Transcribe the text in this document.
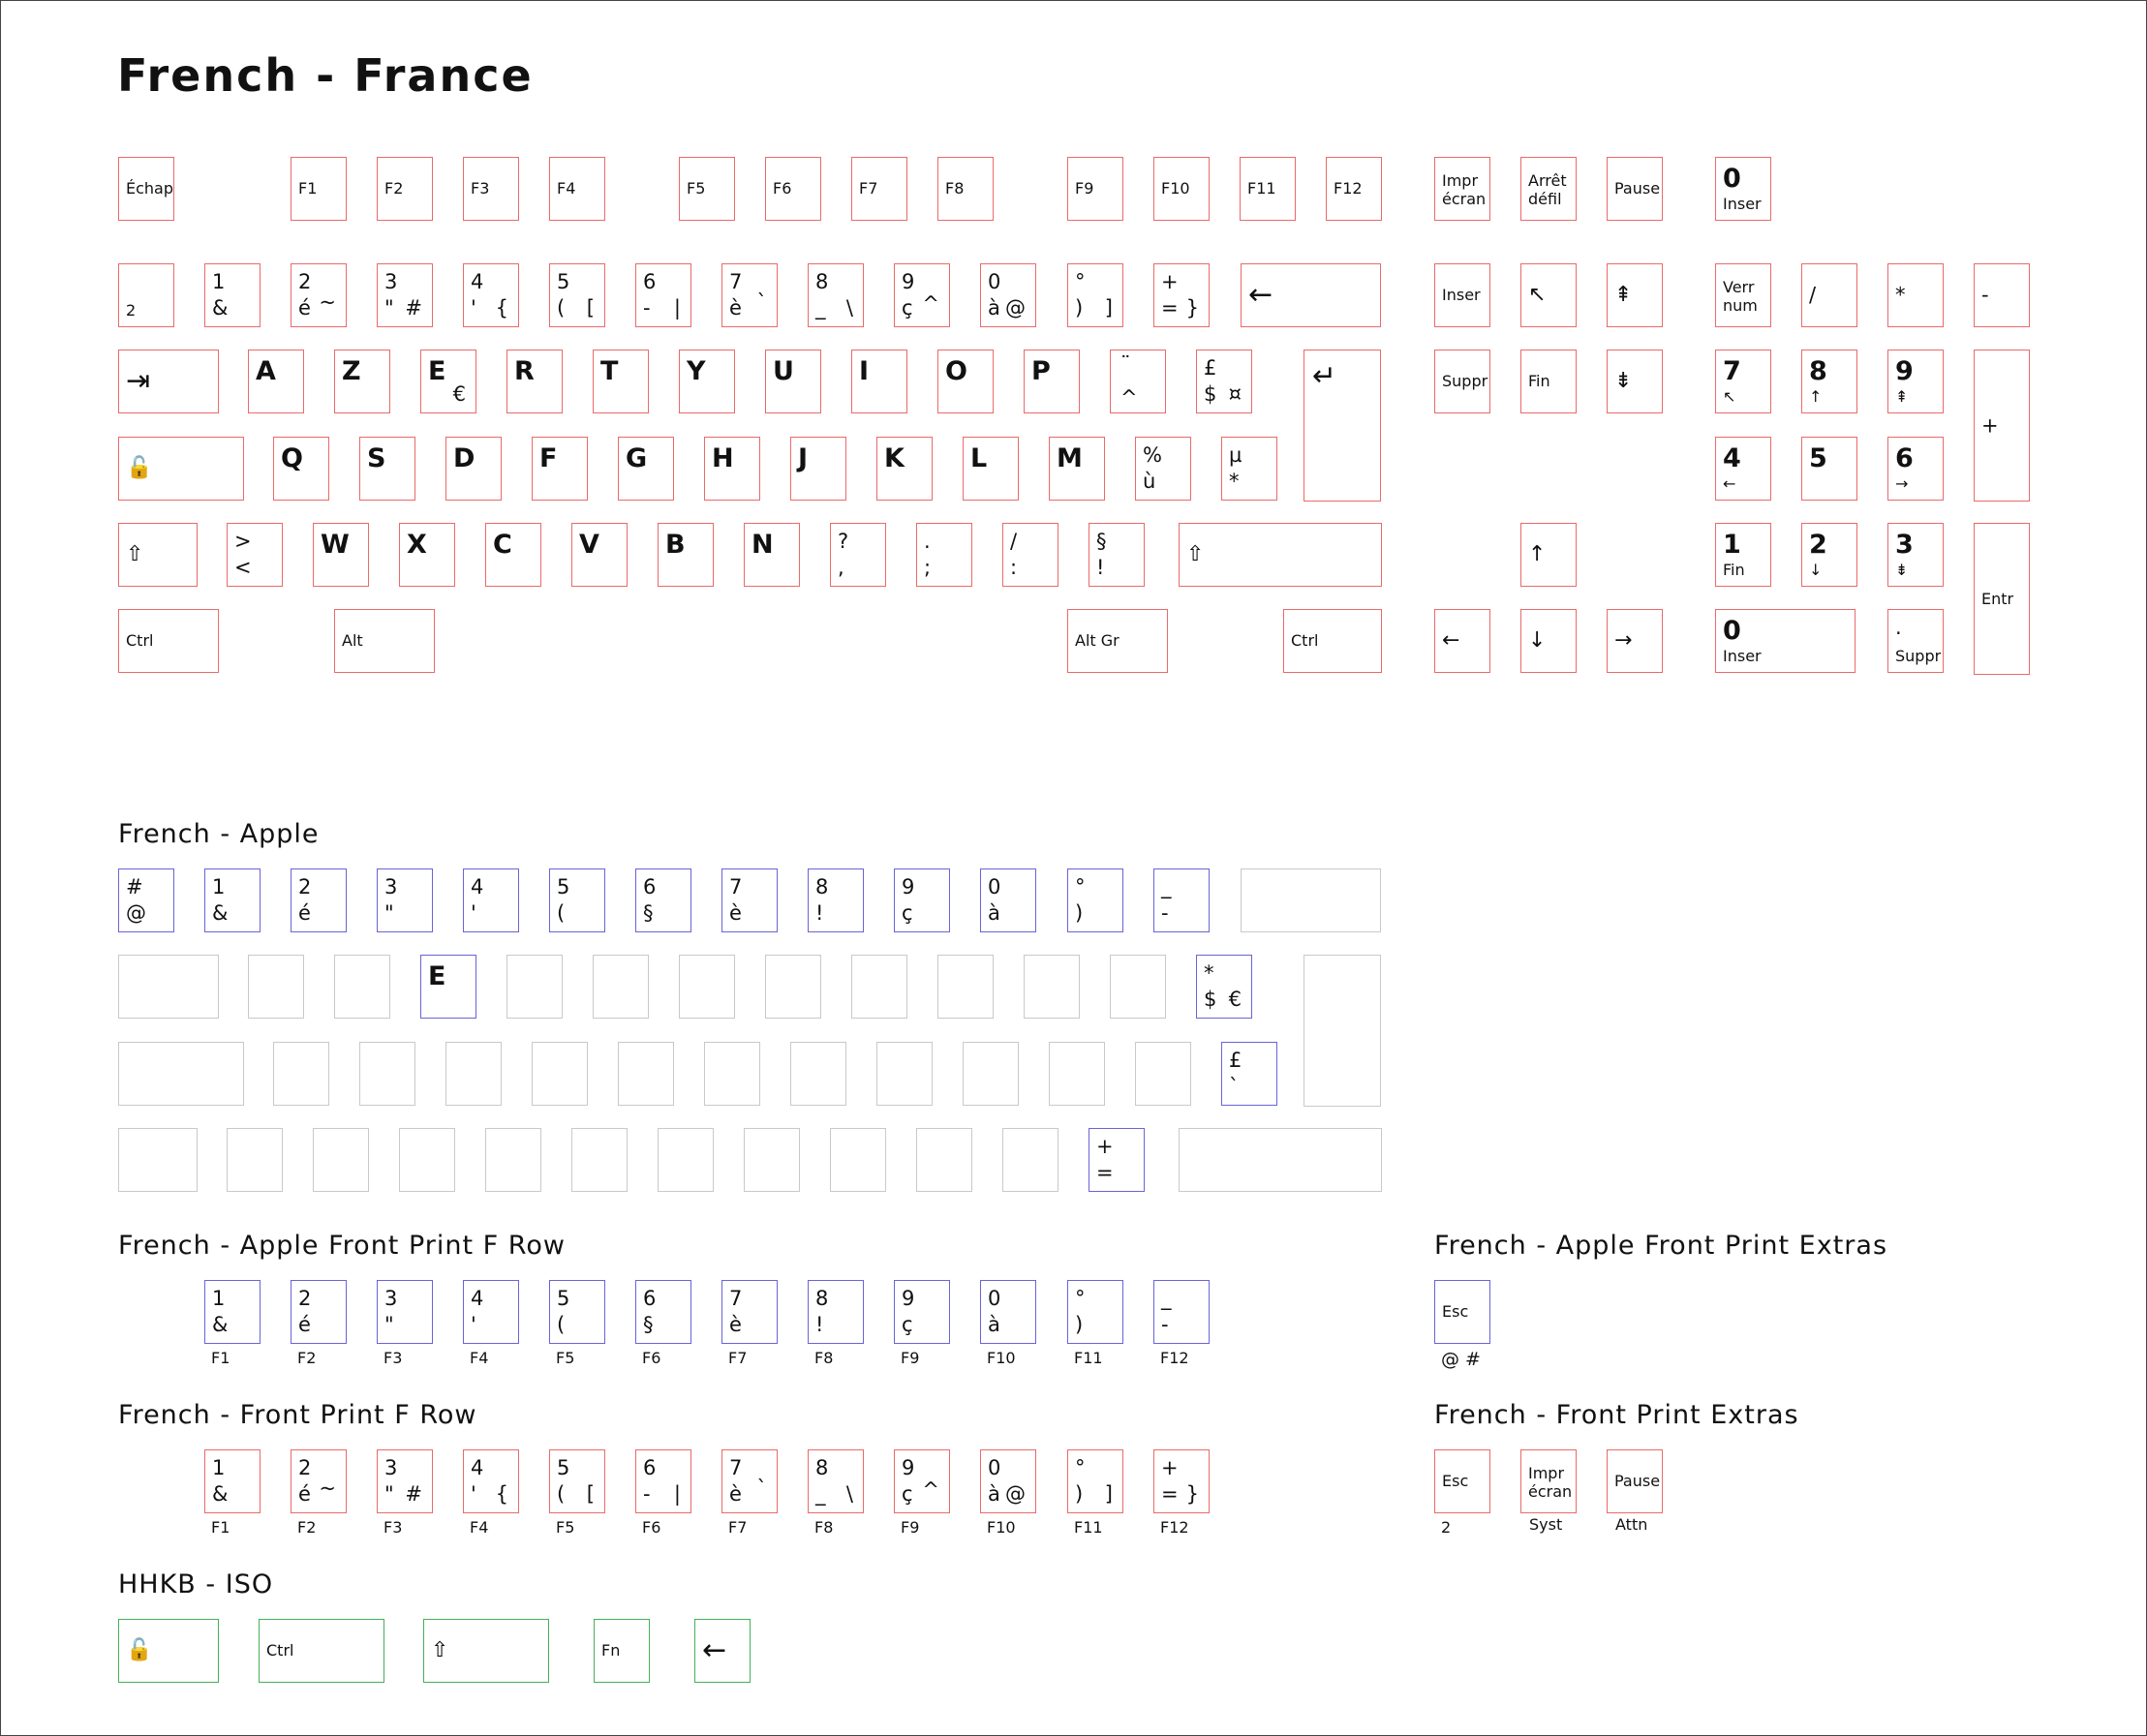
French - France
Échap	F1	F2	F3	F4	F5	F6	F7	F8	F9	F10	F11	F12	Impr
écran
Arrêt
défil
Pause 0
Inser
2
1
&
2
é ~
3
" #
4
' {
5
( [
6
- |
7
è `
8
_ \
9
ç ^
0
à @
°
) ]
+
= } ←
⇥	A	Z	E
€
R	T	Y	U I	O P	¨
^
£
$ ¤
↵
🔓	Q S	D F	G H J	K	L	M	%
ù
µ
*
⇧
>
<
W X	C	V	B	N	?
,
.
;
/
:
§
!
⇧
Ctrl	Alt	Alt Gr	Ctrl
Inser ↖	⇞
Suppr	Fin	⇟
↑
←	↓	→
Verr
num	/	*	-
7
↖
8
↑
9
⇞
+
4
←
5	6
→
1
Fin
2
↓
3
⇟
Entr
0
Inser
.
Suppr
French - Apple
#
@
1
&
2
é
3
"
4
'
5
(
6
§
7
è
8
!
9
ç
0
à
°
)
_
-
E	*
$ €
£
`
+
=
French - Apple Front Print F Row
1
&
F1
2
é
F2
3
"
F3
4
'
F4
5
(
F5
6
§
F6
7
è
F7
8
!
F8
9
ç
F9
0
à
F10
°
)
F11
_
-
F12
French - Apple Front Print Extras
Esc
@ #
French - Front Print F Row
1
&
F1
2
é ~
F2
3
" #
F3
4
' {
F4
5
( [
F5
6
- |
F6
7
è `
F7
8
_ \
F8
9
ç ^
F9
0
à @
F10
°
) ]
F11
+
= }
F12
French - Front Print Extras
Esc
2
Impr
écran
Syst
Pause
Attn
HHKB - ISO
🔓	Ctrl	⇧	Fn	←
